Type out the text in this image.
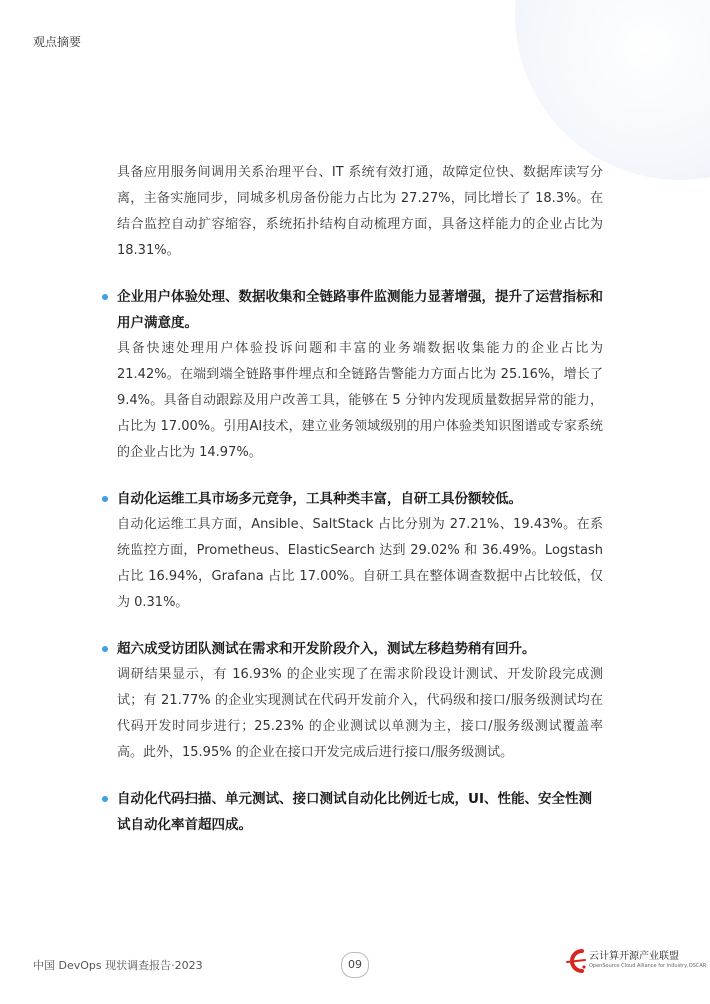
观点摘要

具备应用服务间调用关系治理平台、IT 系统有效打通，故障定位快、数据库读写分离，主备实施同步，同城多机房备份能力占比为 27.27%，同比增长了 18.3%。在结合监控自动扩容缩容，系统拓扑结构自动梳理方面，具备这样能力的企业占比为 18.31%。

企业用户体验处理、数据收集和全链路事件监测能力显著增强，提升了运营指标和用户满意度。

具备快速处理用户体验投诉问题和丰富的业务端数据收集能力的企业占比为 21.42%。在端到端全链路事件埋点和全链路告警能力方面占比为 25.16%，增长了 9.4%。具备自动跟踪及用户改善工具，能够在 5 分钟内发现质量数据异常的能力，占比为 17.00%。引用AI技术，建立业务领域级别的用户体验类知识图谱或专家系统的企业占比为 14.97%。

自动化运维工具市场多元竞争，工具种类丰富，自研工具份额较低。

自动化运维工具方面，Ansible、SaltStack 占比分别为 27.21%、19.43%。在系统监控方面，Prometheus、ElasticSearch 达到 29.02% 和 36.49%。Logstash 占比 16.94%，Grafana 占比 17.00%。自研工具在整体调查数据中占比较低，仅为 0.31%。

超六成受访团队测试在需求和开发阶段介入，测试左移趋势稍有回升。

调研结果显示，有 16.93% 的企业实现了在需求阶段设计测试、开发阶段完成测试；有 21.77% 的企业实现测试在代码开发前介入，代码级和接口/服务级测试均在代码开发时同步进行；25.23% 的企业测试以单测为主，接口/服务级测试覆盖率高。此外，15.95% 的企业在接口开发完成后进行接口/服务级测试。

自动化代码扫描、单元测试、接口测试自动化比例近七成，UI、性能、安全性测试自动化率首超四成。

中国 DevOps 现状调查报告·2023	09
云计算开源产业联盟
OpenSource Cloud Alliance for industry,OSCAR
